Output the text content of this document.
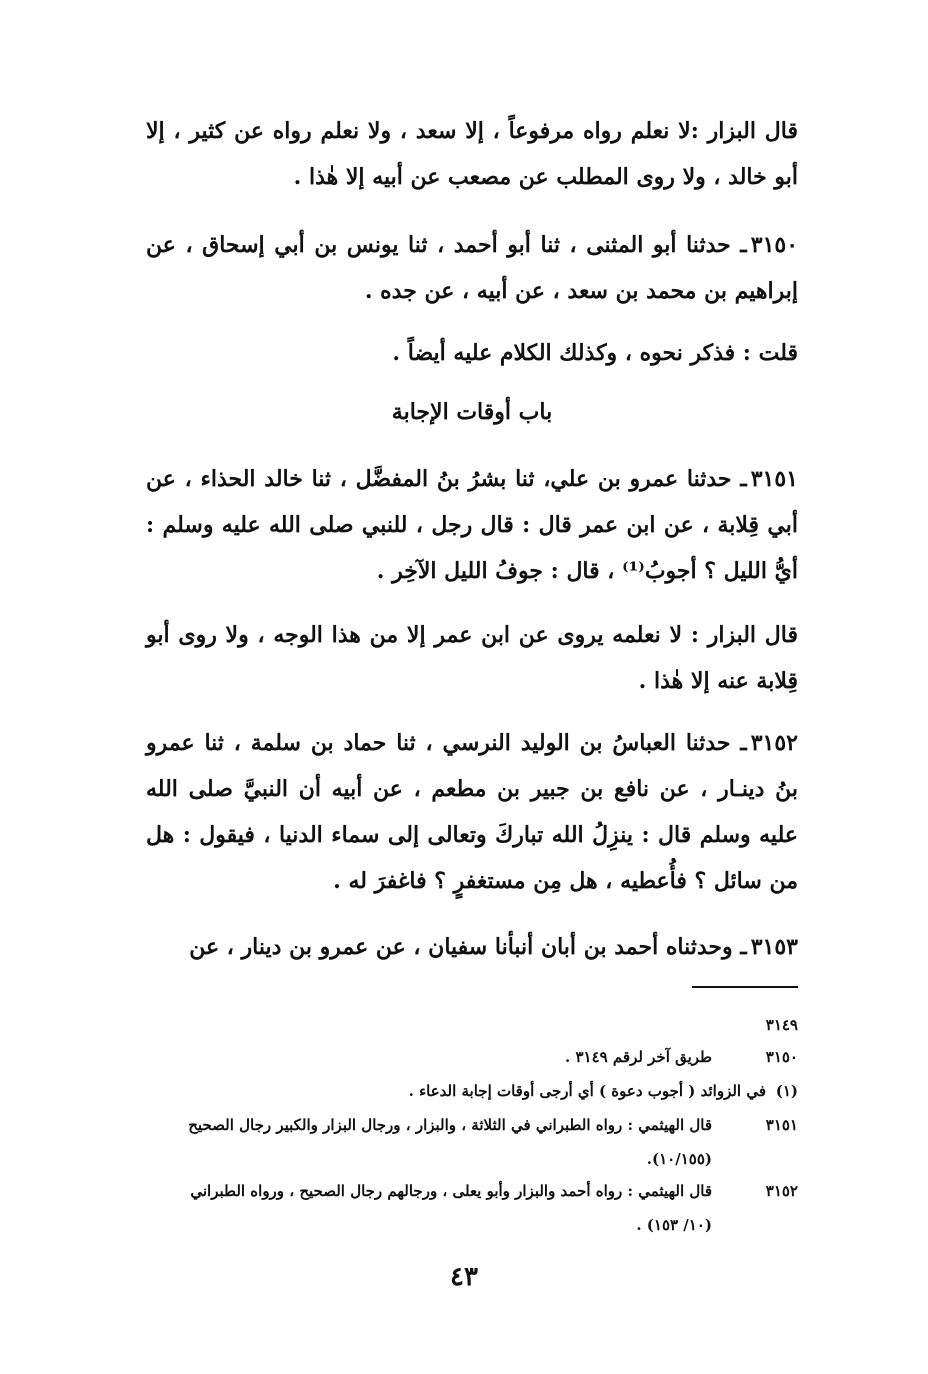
قال البزار :لا نعلم رواه مرفوعاً ، إلا سعد ، ولا نعلم رواه عن كثير ، إلا أبو خالد ، ولا روى المطلب عن مصعب عن أبيه إلا هٰذا .
٣١٥٠ـ حدثنا أبو المثنى ، ثنا أبو أحمد ، ثنا يونس بن أبي إسحاق ، عن إبراهيم بن محمد بن سعد ، عن أبيه ، عن جده .
قلت : فذكر نحوه ، وكذلك الكلام عليه أيضاً .
باب أوقات الإجابة
٣١٥١ـ حدثنا عمرو بن علي، ثنا بشرُ بنُ المفضَّل ، ثنا خالد الحذاء ، عن أبي قِلابة ، عن ابن عمر قال : قال رجل ، للنبي صلى الله عليه وسلم : أيُّ الليل ؟ أجوبُ⁽¹⁾ ، قال : جوفُ الليل الآخِر .
قال البزار : لا نعلمه يروى عن ابن عمر إلا من هذا الوجه ، ولا روى أبو قِلابة عنه إلا هٰذا .
٣١٥٢ـ حدثنا العباسُ بن الوليد النرسي ، ثنا حماد بن سلمة ، ثنا عمرو بنُ دينـار ، عن نافع بن جبير بن مطعم ، عن أبيه أن النبيَّ صلى الله عليه وسلم قال : ينزِلُ الله تباركَ وتعالى إلى سماء الدنيا ، فيقول : هل من سائل ؟ فأُعطيه ، هل مِن مستغفرٍ ؟ فاغفرَ له .
٣١٥٣ـ وحدثناه أحمد بن أبان أنبأنا سفيان ، عن عمرو بن دينار ، عن
٣١٤٩
٣١٥٠
طريق آخر لرقم ٣١٤٩ .
(١)
في الزوائد ( أجوب دعوة ) أي أرجى أوقات إجابة الدعاء .
٣١٥١
قال الهيثمي : رواه الطبراني في الثلاثة ، والبزار ، ورجال البزار والكبير رجال الصحيح
(١٠/١٥٥).
٣١٥٢
قال الهيثمي : رواه أحمد والبزار وأبو يعلى ، ورجالهم رجال الصحيح ، ورواه الطبراني
(١٠/ ١٥٣) .
٤٣
